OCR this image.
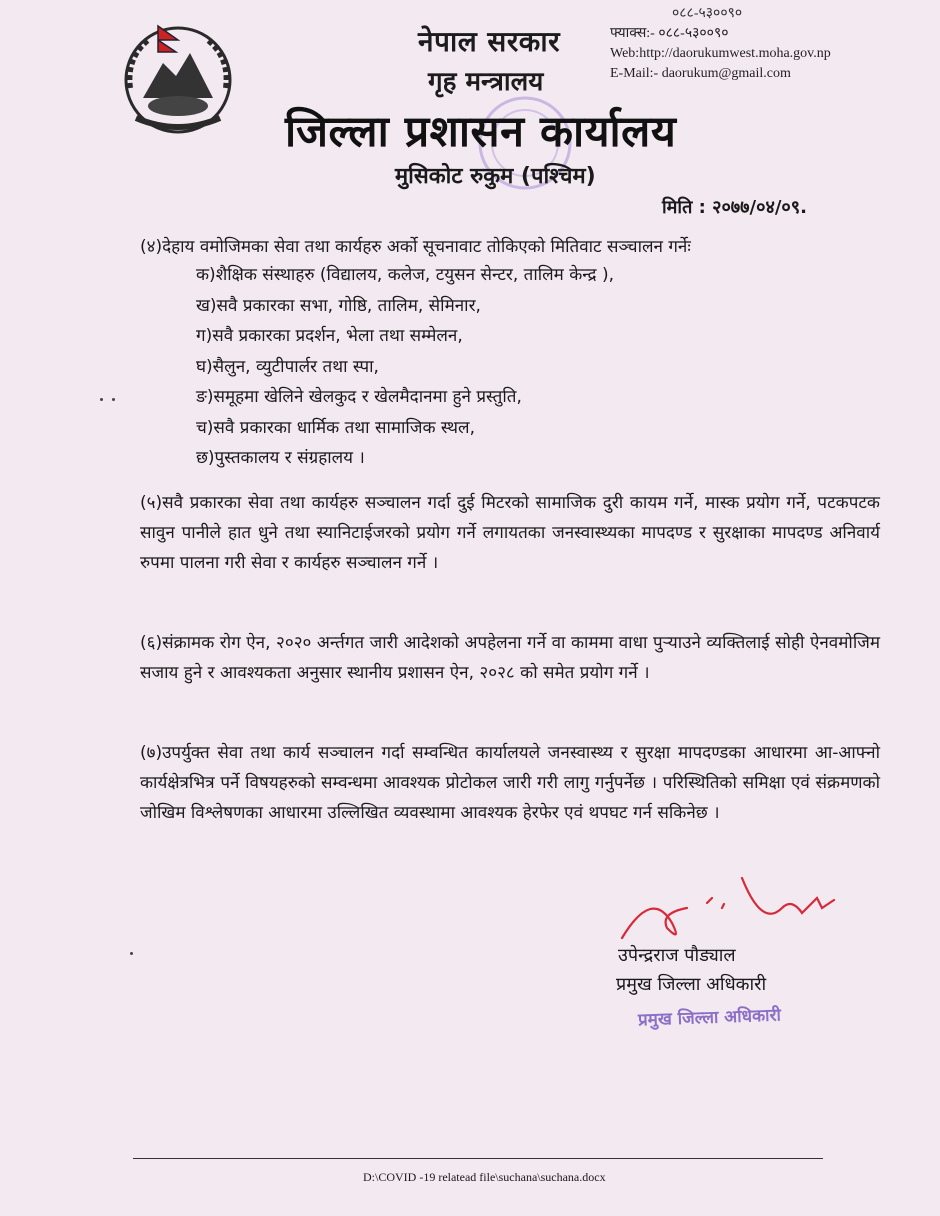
नेपाल सरकार
गृह मन्त्रालय
जिल्ला प्रशासन कार्यालय
मुसिकोट रुकुम (पश्चिम)
०८८-५३००९०
फ्याक्स:- ०८८-५३००९०
Web:http://daorukumwest.moha.gov.np
E-Mail:- daorukum@gmail.com
मिति : २०७७/०४/०९.
(४)देहाय वमोजिमका सेवा तथा कार्यहरु अर्को सूचनावाट तोकिएको मितिवाट सञ्चालन गर्नेः
क)शैक्षिक संस्थाहरु (विद्यालय, कलेज, टयुसन सेन्टर, तालिम केन्द्र ),
ख)सवै प्रकारका सभा, गोष्ठि, तालिम, सेमिनार,
ग)सवै प्रकारका प्रदर्शन, भेला तथा सम्मेलन,
घ)सैलुन, व्युटीपार्लर तथा स्पा,
ङ)समूहमा खेलिने खेलकुद र खेलमैदानमा हुने प्रस्तुति,
च)सवै प्रकारका धार्मिक तथा सामाजिक स्थल,
छ)पुस्तकालय र संग्रहालय ।
(५)सवै प्रकारका सेवा तथा कार्यहरु सञ्चालन गर्दा दुई मिटरको सामाजिक दुरी कायम गर्ने, मास्क प्रयोग गर्ने, पटकपटक सावुन पानीले हात धुने तथा स्यानिटाईजरको प्रयोग गर्ने लगायतका जनस्वास्थ्यका मापदण्ड र सुरक्षाका मापदण्ड अनिवार्य रुपमा पालना गरी सेवा र कार्यहरु सञ्चालन गर्ने ।
(६)संक्रामक रोग ऐन, २०२० अर्न्तगत जारी आदेशको अपहेलना गर्ने वा काममा वाधा पुऱ्याउने व्यक्तिलाई सोही ऐनवमोजिम सजाय हुने र आवश्यकता अनुसार स्थानीय प्रशासन ऐन, २०२८ को समेत प्रयोग गर्ने ।
(७)उपर्युक्त सेवा तथा कार्य सञ्चालन गर्दा सम्वन्धित कार्यालयले जनस्वास्थ्य र सुरक्षा मापदण्डका आधारमा आ-आफ्नो कार्यक्षेत्रभित्र पर्ने विषयहरुको सम्वन्धमा आवश्यक प्रोटोकल जारी गरी लागु गर्नुपर्नेछ । परिस्थितिको समिक्षा एवं संक्रमणको जोखिम विश्लेषणका आधारमा उल्लिखित व्यवस्थामा आवश्यक हेरफेर एवं थपघट गर्न सकिनेछ ।
उपेन्द्रराज पौड्याल
प्रमुख जिल्ला अधिकारी
प्रमुख जिल्ला अधिकारी
D:\COVID -19 relatead file\suchana\suchana.docx
